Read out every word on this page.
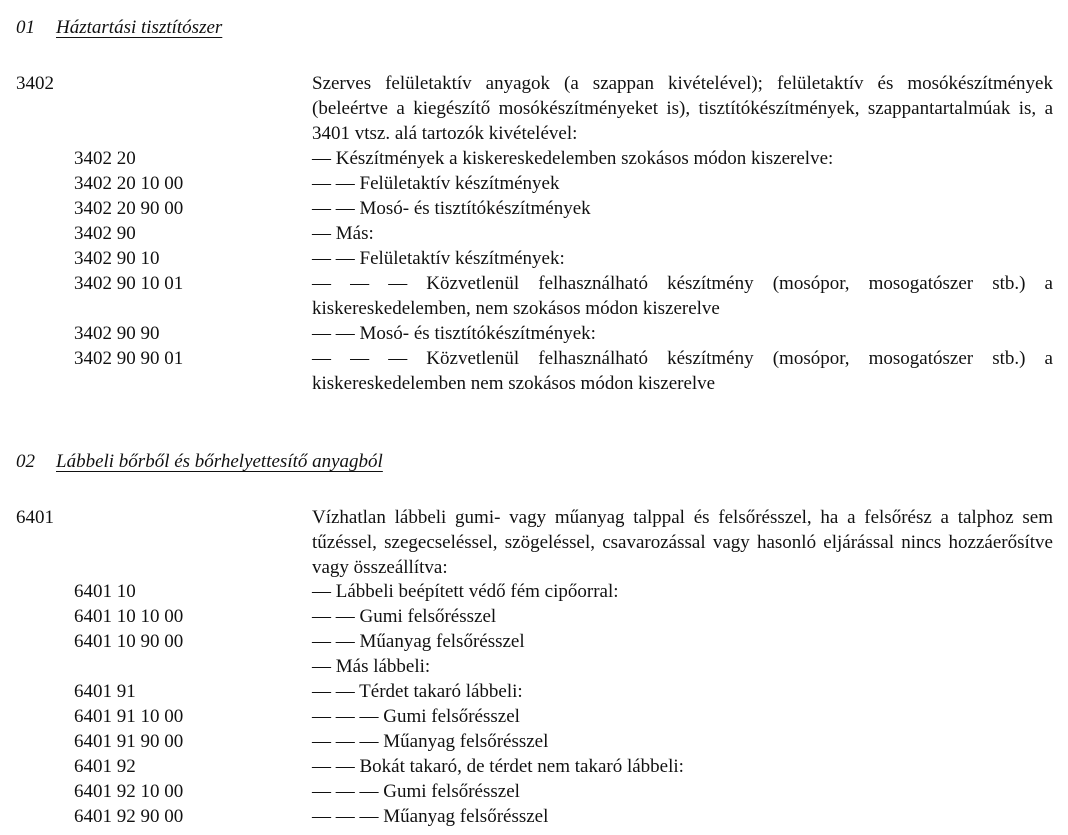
01 Háztartási tisztítószer
3402	Szerves felületaktív anyagok (a szappan kivételével); felületaktív és mosókészítmények (beleértve a kiegészítő mosókészítményeket is), tisztítókészítmények, szappantartalmúak is, a 3401 vtsz. alá tartozók kivételével:
3402 20	— Készítmények a kiskereskedelemben szokásos módon kiszerelve:
3402 20 10 00	— — Felületaktív készítmények
3402 20 90 00	— — Mosó- és tisztítókészítmények
3402 90	— Más:
3402 90 10	— — Felületaktív készítmények:
3402 90 10 01	— — — Közvetlenül felhasználható készítmény (mosópor, mosogatószer stb.) a kiskereskedelemben, nem szokásos módon kiszerelve
3402 90 90	— — Mosó- és tisztítókészítmények:
3402 90 90 01	— — — Közvetlenül felhasználható készítmény (mosópor, mosogatószer stb.) a kiskereskedelemben nem szokásos módon kiszerelve
02 Lábbeli bőrből és bőrhelyettesítő anyagból
6401	Vízhatlan lábbeli gumi- vagy műanyag talppal és felsőrésszel, ha a felsőrész a talphoz sem tűzéssel, szegecseléssel, szögeléssel, csavarozással vagy hasonló eljárással nincs hozzáerősítve vagy összeállítva:
6401 10	— Lábbeli beépített védő fém cipőorral:
6401 10 10 00	— — Gumi felsőrésszel
6401 10 90 00	— — Műanyag felsőrésszel
— Más lábbeli:
6401 91	— — Térdet takaró lábbeli:
6401 91 10 00	— — — Gumi felsőrésszel
6401 91 90 00	— — — Műanyag felsőrésszel
6401 92	— — Bokát takaró, de térdet nem takaró lábbeli:
6401 92 10 00	— — — Gumi felsőrésszel
6401 92 90 00	— — — Műanyag felsőrésszel
